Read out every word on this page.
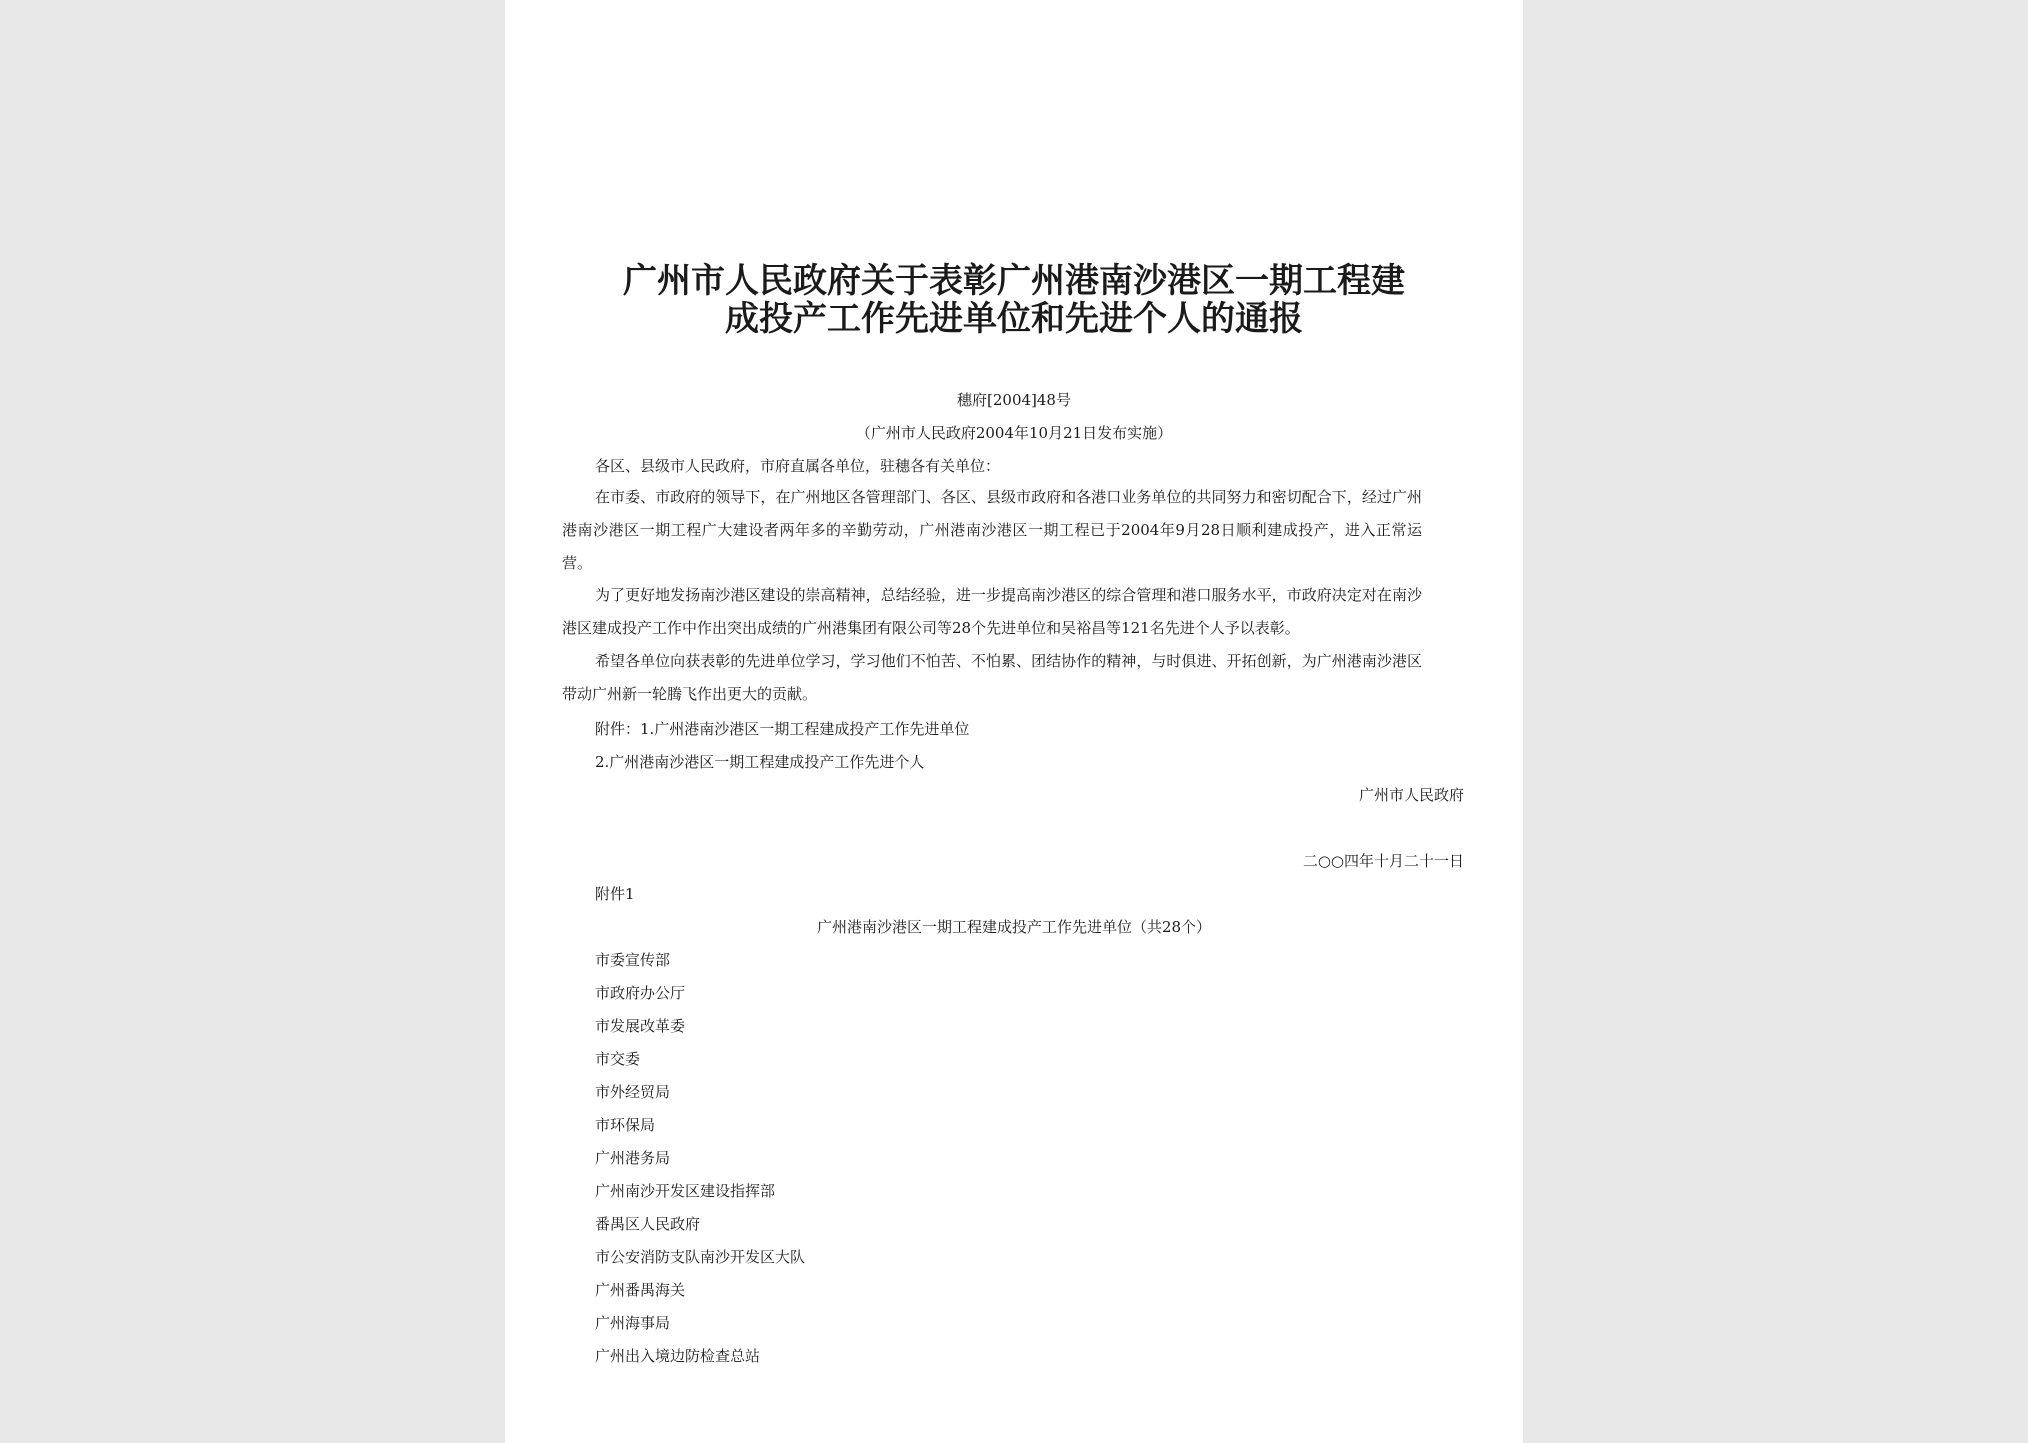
广州市人民政府关于表彰广州港南沙港区一期工程建
成投产工作先进单位和先进个人的通报
穗府[2004]48号
（广州市人民政府2004年10月21日发布实施）
各区、县级市人民政府，市府直属各单位，驻穗各有关单位：
在市委、市政府的领导下，在广州地区各管理部门、各区、县级市政府和各港口业务单位的共同努力和密切配合下，经过广州港南沙港区一期工程广大建设者两年多的辛勤劳动，广州港南沙港区一期工程已于2004年9月28日顺利建成投产，进入正常运营。
为了更好地发扬南沙港区建设的崇高精神，总结经验，进一步提高南沙港区的综合管理和港口服务水平，市政府决定对在南沙港区建成投产工作中作出突出成绩的广州港集团有限公司等28个先进单位和吴裕昌等121名先进个人予以表彰。
希望各单位向获表彰的先进单位学习，学习他们不怕苦、不怕累、团结协作的精神，与时俱进、开拓创新，为广州港南沙港区带动广州新一轮腾飞作出更大的贡献。
附件：1.广州港南沙港区一期工程建成投产工作先进单位
2.广州港南沙港区一期工程建成投产工作先进个人
广州市人民政府
二○○四年十月二十一日
附件1
广州港南沙港区一期工程建成投产工作先进单位（共28个）
市委宣传部
市政府办公厅
市发展改革委
市交委
市外经贸局
市环保局
广州港务局
广州南沙开发区建设指挥部
番禺区人民政府
市公安消防支队南沙开发区大队
广州番禺海关
广州海事局
广州出入境边防检查总站
